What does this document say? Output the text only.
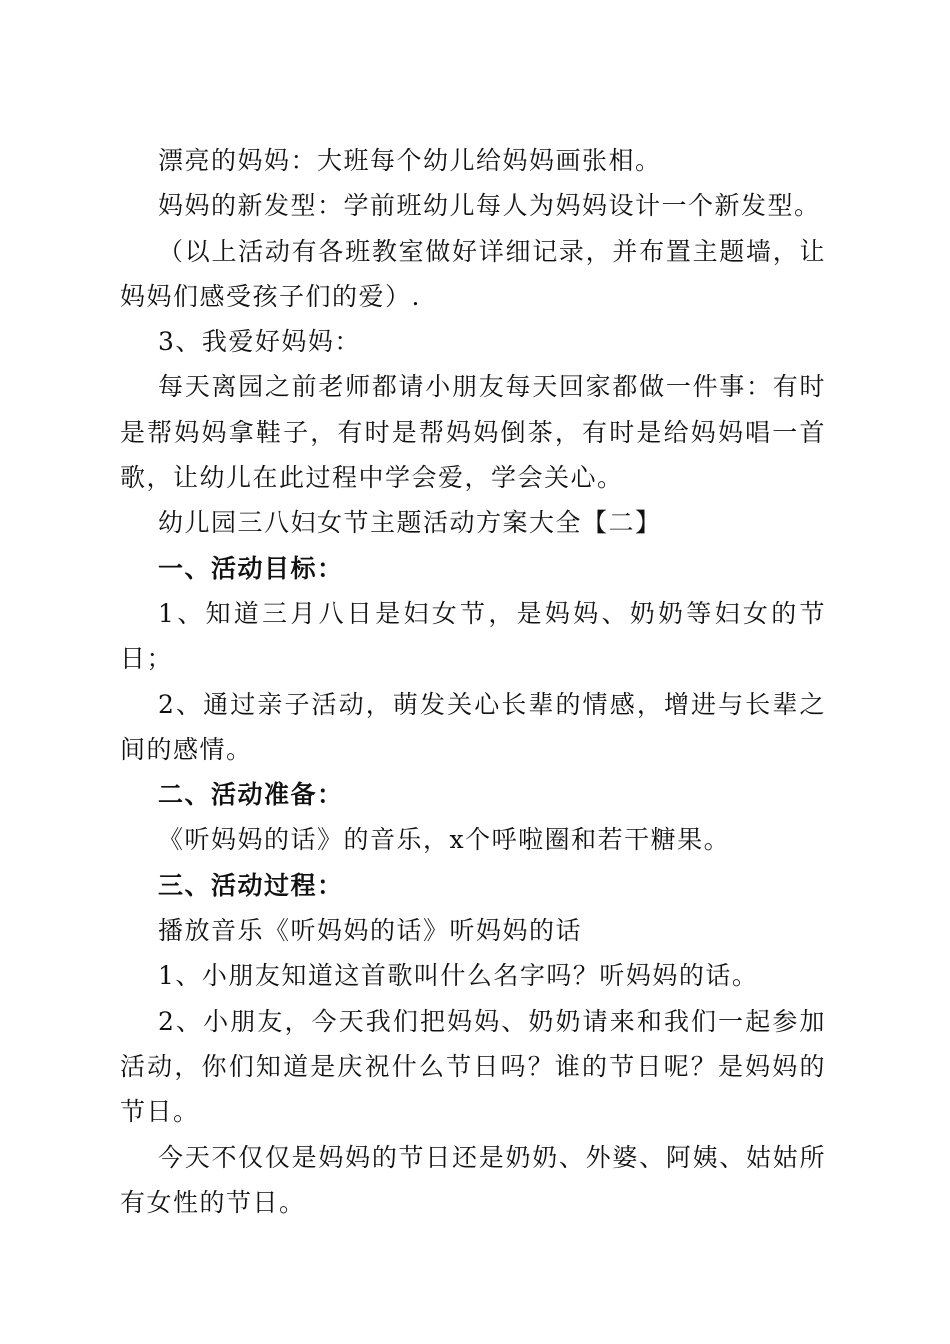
漂亮的妈妈：大班每个幼儿给妈妈画张相。

妈妈的新发型：学前班幼儿每人为妈妈设计一个新发型。

（以上活动有各班教室做好详细记录，并布置主题墙，让妈妈们感受孩子们的爱）.

3、我爱好妈妈：

每天离园之前老师都请小朋友每天回家都做一件事：有时是帮妈妈拿鞋子，有时是帮妈妈倒茶，有时是给妈妈唱一首歌，让幼儿在此过程中学会爱，学会关心。

幼儿园三八妇女节主题活动方案大全【二】

一、活动目标：

1、知道三月八日是妇女节，是妈妈、奶奶等妇女的节日；

2、通过亲子活动，萌发关心长辈的情感，增进与长辈之间的感情。

二、活动准备：

《听妈妈的话》的音乐，x个呼啦圈和若干糖果。

三、活动过程：

播放音乐《听妈妈的话》听妈妈的话

1、小朋友知道这首歌叫什么名字吗？听妈妈的话。

2、小朋友，今天我们把妈妈、奶奶请来和我们一起参加活动，你们知道是庆祝什么节日吗？谁的节日呢？是妈妈的节日。

今天不仅仅是妈妈的节日还是奶奶、外婆、阿姨、姑姑所有女性的节日。
